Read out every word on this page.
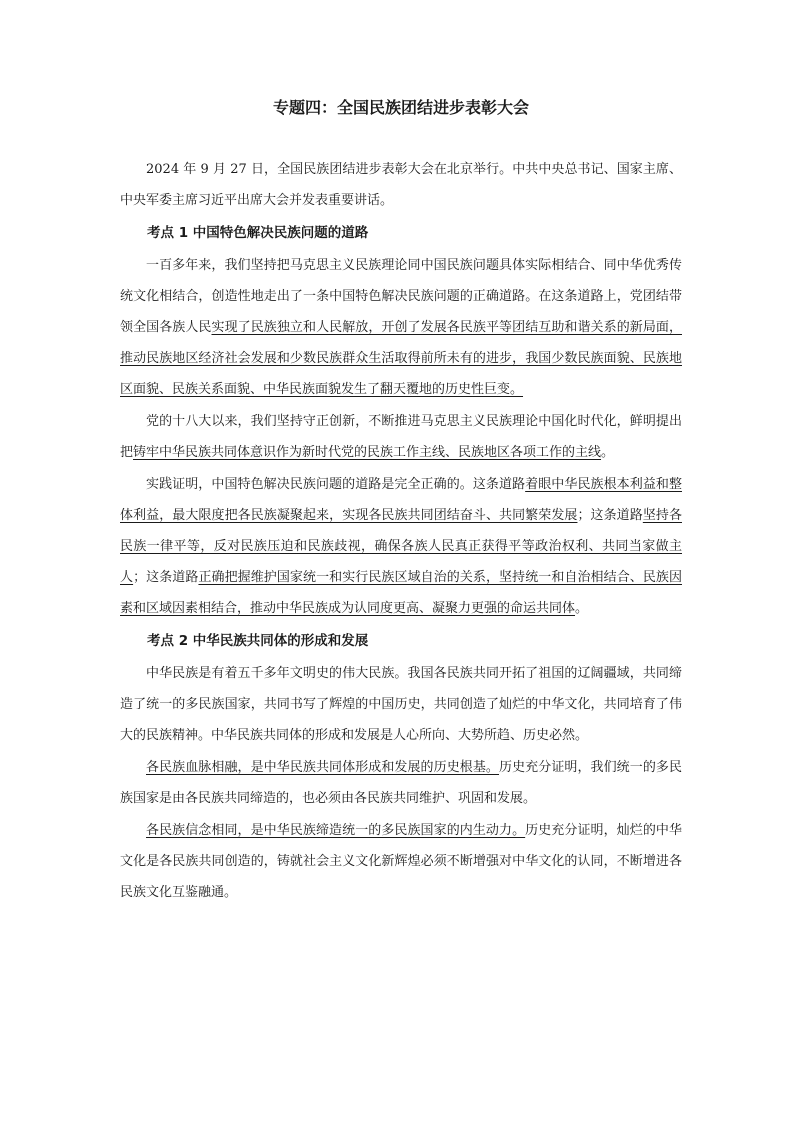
专题四：全国民族团结进步表彰大会

2024 年 9 月 27 日，全国民族团结进步表彰大会在北京举行。中共中央总书记、国家主席、中央军委主席习近平出席大会并发表重要讲话。

考点 1 中国特色解决民族问题的道路

一百多年来，我们坚持把马克思主义民族理论同中国民族问题具体实际相结合、同中华优秀传统文化相结合，创造性地走出了一条中国特色解决民族问题的正确道路。在这条道路上，党团结带领全国各族人民实现了民族独立和人民解放，开创了发展各民族平等团结互助和谐关系的新局面，推动民族地区经济社会发展和少数民族群众生活取得前所未有的进步，我国少数民族面貌、民族地区面貌、民族关系面貌、中华民族面貌发生了翻天覆地的历史性巨变。

党的十八大以来，我们坚持守正创新，不断推进马克思主义民族理论中国化时代化，鲜明提出把铸牢中华民族共同体意识作为新时代党的民族工作主线、民族地区各项工作的主线。

实践证明，中国特色解决民族问题的道路是完全正确的。这条道路着眼中华民族根本利益和整体利益，最大限度把各民族凝聚起来，实现各民族共同团结奋斗、共同繁荣发展；这条道路坚持各民族一律平等，反对民族压迫和民族歧视，确保各族人民真正获得平等政治权利、共同当家做主人；这条道路正确把握维护国家统一和实行民族区域自治的关系，坚持统一和自治相结合、民族因素和区域因素相结合，推动中华民族成为认同度更高、凝聚力更强的命运共同体。

考点 2 中华民族共同体的形成和发展

中华民族是有着五千多年文明史的伟大民族。我国各民族共同开拓了祖国的辽阔疆域，共同缔造了统一的多民族国家，共同书写了辉煌的中国历史，共同创造了灿烂的中华文化，共同培育了伟大的民族精神。中华民族共同体的形成和发展是人心所向、大势所趋、历史必然。

各民族血脉相融，是中华民族共同体形成和发展的历史根基。历史充分证明，我们统一的多民族国家是由各民族共同缔造的，也必须由各民族共同维护、巩固和发展。

各民族信念相同，是中华民族缔造统一的多民族国家的内生动力。历史充分证明，灿烂的中华文化是各民族共同创造的，铸就社会主义文化新辉煌必须不断增强对中华文化的认同，不断增进各民族文化互鉴融通。
